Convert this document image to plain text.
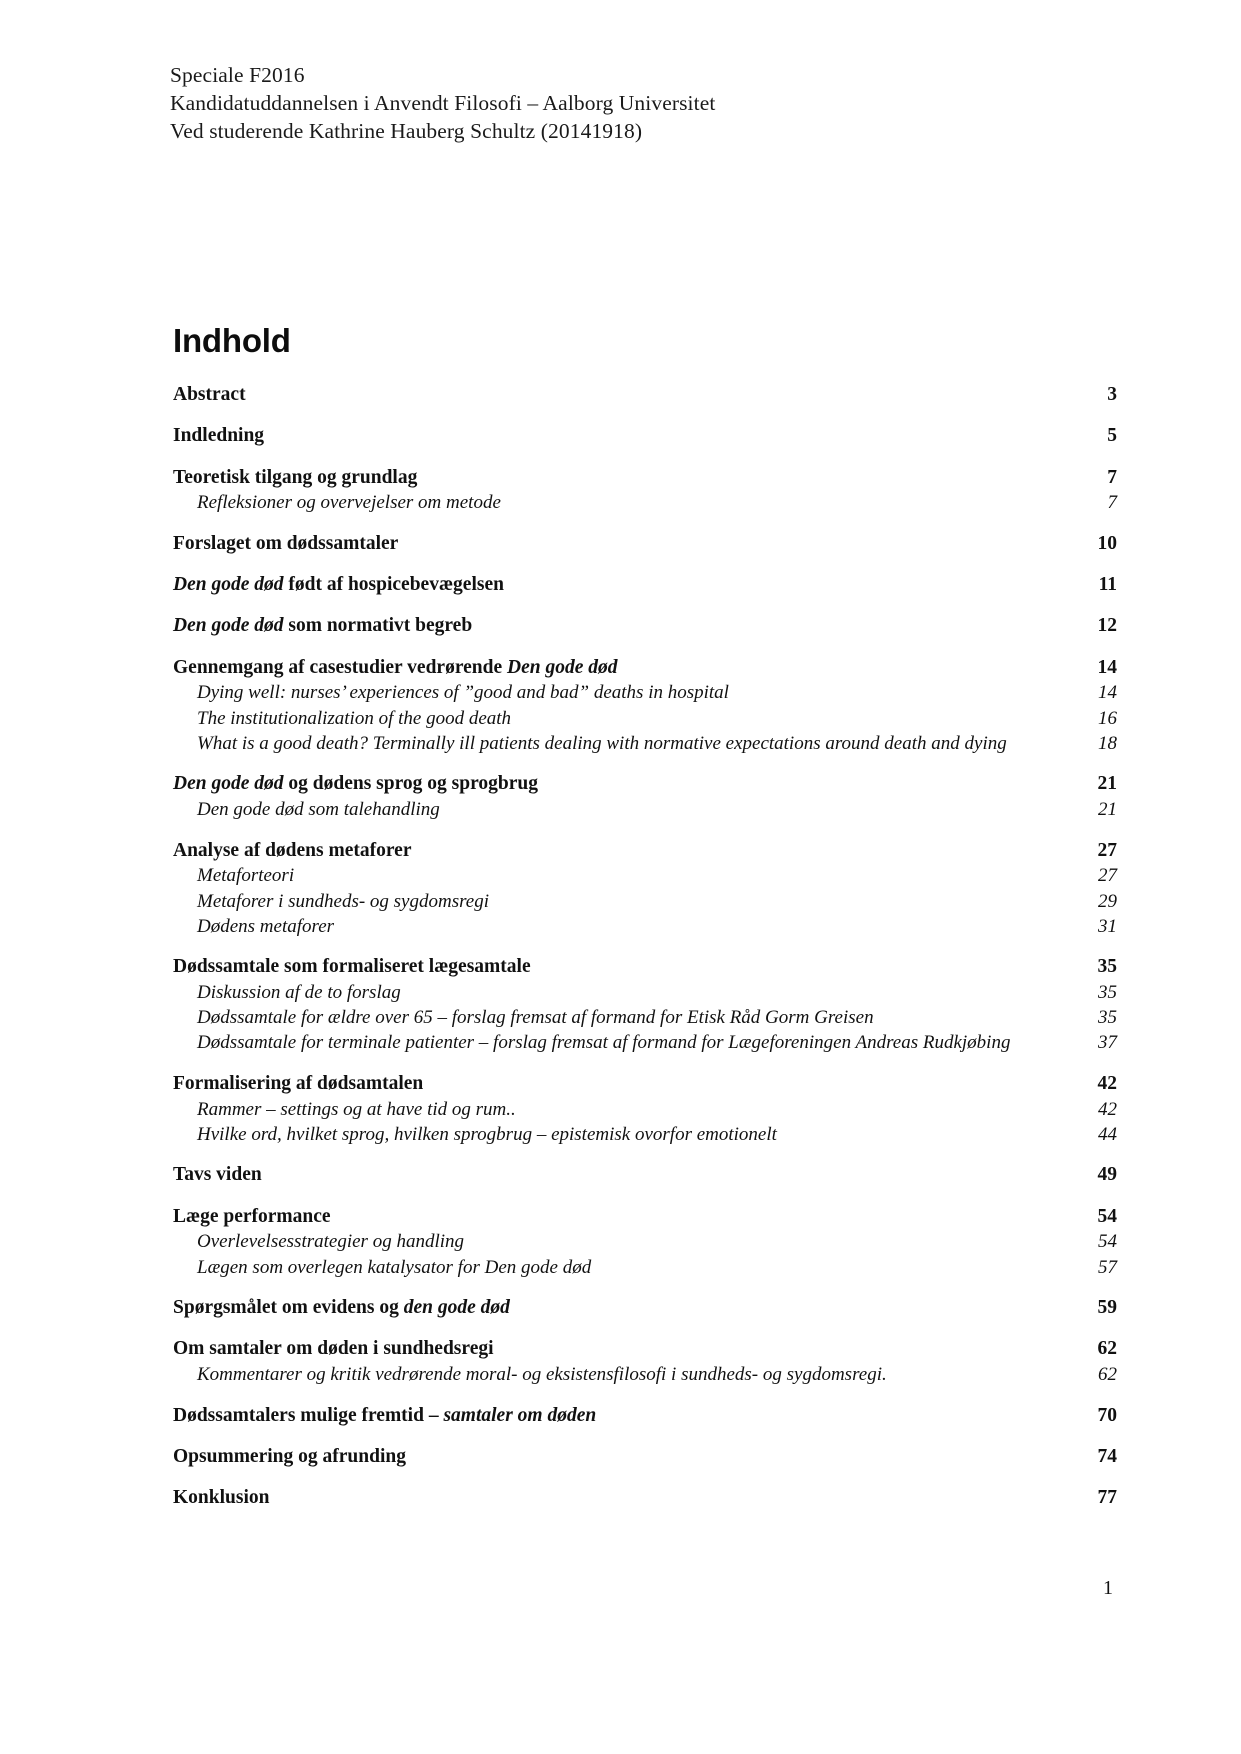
Speciale F2016
Kandidatuddannelsen i Anvendt Filosofi – Aalborg Universitet
Ved studerende Kathrine Hauberg Schultz (20141918)
Indhold
Abstract	3
Indledning	5
Teoretisk tilgang og grundlag	7
Refleksioner og overvejelser om metode	7
Forslaget om dødssamtaler	10
Den gode død født af hospicebevægelsen	11
Den gode død som normativt begreb	12
Gennemgang af casestudier vedrørende Den gode død	14
Dying well: nurses’ experiences of ”good and bad” deaths in hospital	14
The institutionalization of the good death	16
What is a good death? Terminally ill patients dealing with normative expectations around death and dying	18
Den gode død og dødens sprog og sprogbrug	21
Den gode død som talehandling	21
Analyse af dødens metaforer	27
Metaforteori	27
Metaforer i sundheds- og sygdomsregi	29
Dødens metaforer	31
Dødssamtale som formaliseret lægesamtale	35
Diskussion af de to forslag	35
Dødssamtale for ældre over 65 – forslag fremsat af formand for Etisk Råd Gorm Greisen	35
Dødssamtale for terminale patienter – forslag fremsat af formand for Lægeforeningen Andreas Rudkjøbing	37
Formalisering af dødsamtalen	42
Rammer – settings og at have tid og rum..	42
Hvilke ord, hvilket sprog, hvilken sprogbrug – epistemisk ovorfor emotionelt	44
Tavs viden	49
Læge performance	54
Overlevelsesstrategier og handling	54
Lægen som overlegen katalysator for Den gode død	57
Spørgsmålet om evidens og den gode død	59
Om samtaler om døden i sundhedsregi	62
Kommentarer og kritik vedrørende moral- og eksistensfilosofi i sundheds- og sygdomsregi.	62
Dødssamtalers mulige fremtid – samtaler om døden	70
Opsummering og afrunding	74
Konklusion	77
1
